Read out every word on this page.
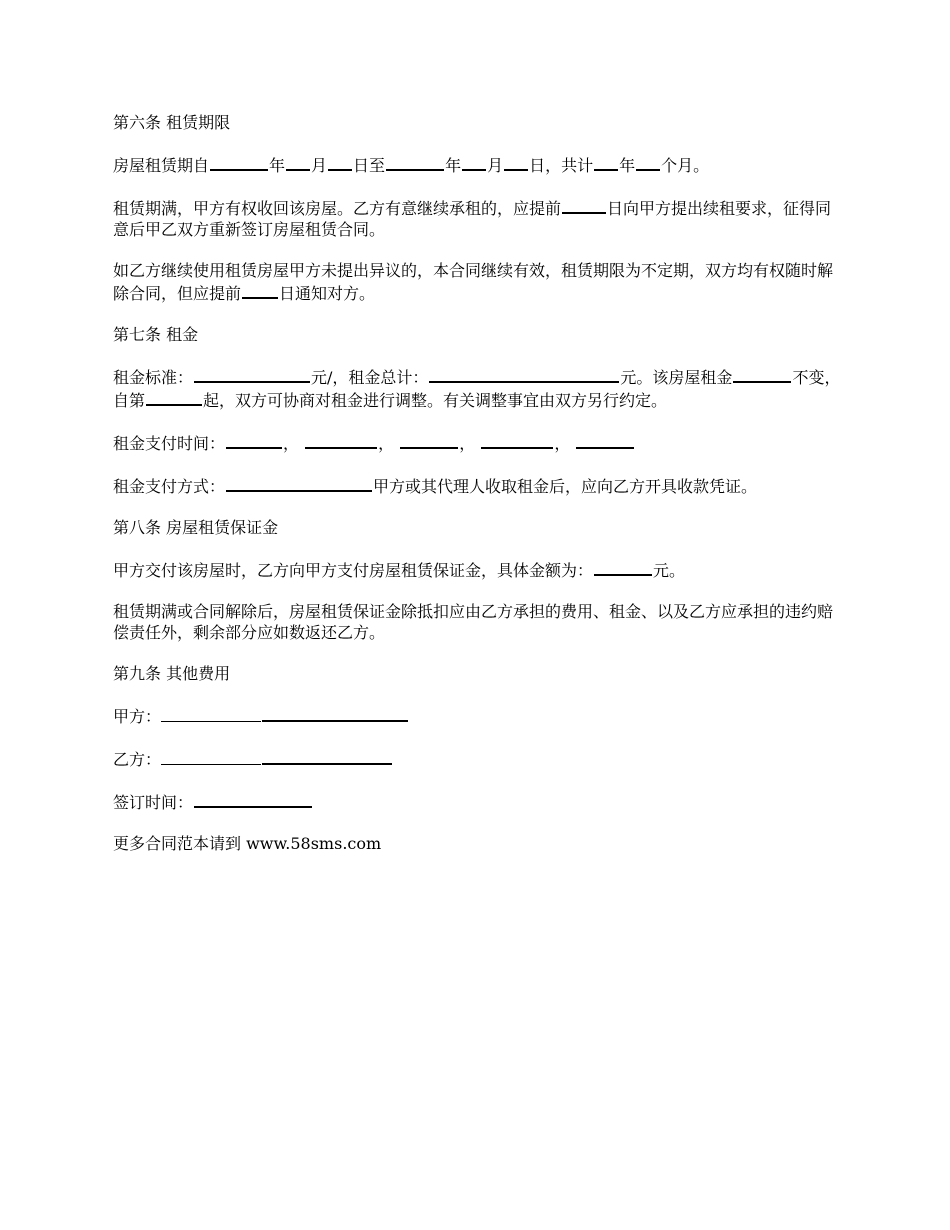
第六条 租赁期限

房屋租赁期自	年 月 日至	年 月 日，共计 年 个月。

租赁期满，甲方有权收回该房屋。乙方有意继续承租的，应提前	日向甲方提出续租要求，征得同意后甲乙双方重新签订房屋租赁合同。

如乙方继续使用租赁房屋甲方未提出异议的，本合同继续有效，租赁期限为不定期，双方均有权随时解除合同，但应提前 日通知对方。

第七条 租金

租金标准：	元/，租金总计：	元。该房屋租金	不变，自第	起，双方可协商对租金进行调整。有关调整事宜由双方另行约定。

租金支付时间：	，	，	，	，

租金支付方式：	甲方或其代理人收取租金后，应向乙方开具收款凭证。

第八条 房屋租赁保证金

甲方交付该房屋时，乙方向甲方支付房屋租赁保证金，具体金额为：	元。

租赁期满或合同解除后，房屋租赁保证金除抵扣应由乙方承担的费用、租金、以及乙方应承担的违约赔偿责任外，剩余部分应如数返还乙方。

第九条 其他费用

甲方：

乙方：

签订时间：

更多合同范本请到 www.58sms.com
